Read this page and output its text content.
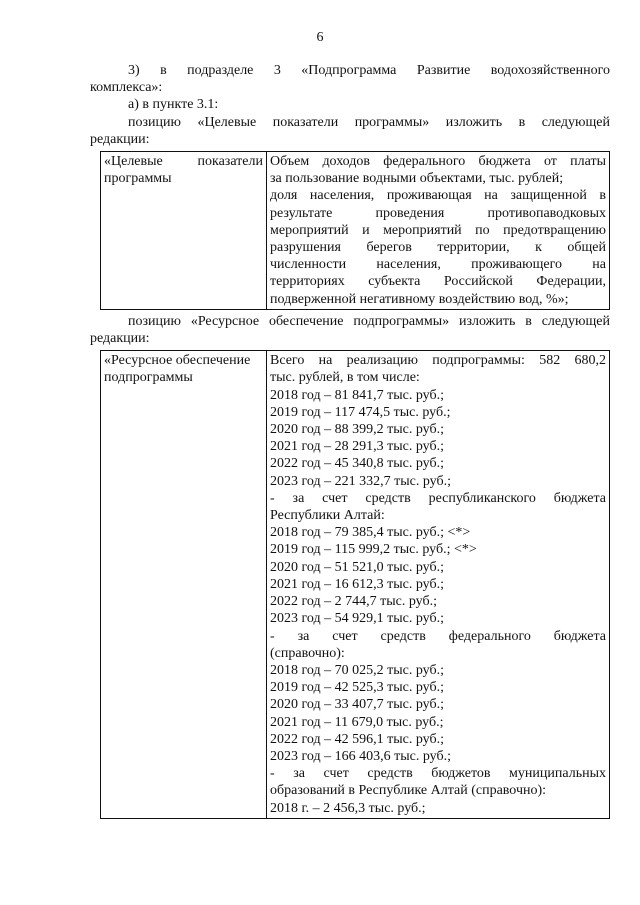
6

3) в подразделе 3 «Подпрограмма Развитие водохозяйственного

комплекса»:

а) в пункте 3.1:

позицию «Целевые показатели программы» изложить в следующей

редакции:

«Целевые показатели
программы

Объем доходов федерального бюджета от платы
за пользование водными объектами, тыс. рублей;
доля населения, проживающая на защищенной в
результате проведения противопаводковых
мероприятий и мероприятий по предотвращению
разрушения берегов территории, к общей
численности населения, проживающего на
территориях субъекта Российской Федерации,
подверженной негативному воздействию вод, %»;

позицию «Ресурсное обеспечение подпрограммы» изложить в следующей

редакции:

«Ресурсное обеспечение
подпрограммы

Всего на реализацию подпрограммы: 582 680,2
тыс. рублей, в том числе:
2018 год – 81 841,7 тыс. руб.;
2019 год – 117 474,5 тыс. руб.;
2020 год – 88 399,2 тыс. руб.;
2021 год – 28 291,3 тыс. руб.;
2022 год – 45 340,8 тыс. руб.;
2023 год – 221 332,7 тыс. руб.;
- за счет средств республиканского бюджета
Республики Алтай:
2018 год – 79 385,4 тыс. руб.; <*>
2019 год – 115 999,2 тыс. руб.; <*>
2020 год – 51 521,0 тыс. руб.;
2021 год – 16 612,3 тыс. руб.;
2022 год – 2 744,7 тыс. руб.;
2023 год – 54 929,1 тыс. руб.;
- за счет средств федерального бюджета
(справочно):
2018 год – 70 025,2 тыс. руб.;
2019 год – 42 525,3 тыс. руб.;
2020 год – 33 407,7 тыс. руб.;
2021 год – 11 679,0 тыс. руб.;
2022 год – 42 596,1 тыс. руб.;
2023 год – 166 403,6 тыс. руб.;
- за счет средств бюджетов муниципальных
образований в Республике Алтай (справочно):
2018 г. – 2 456,3 тыс. руб.;
